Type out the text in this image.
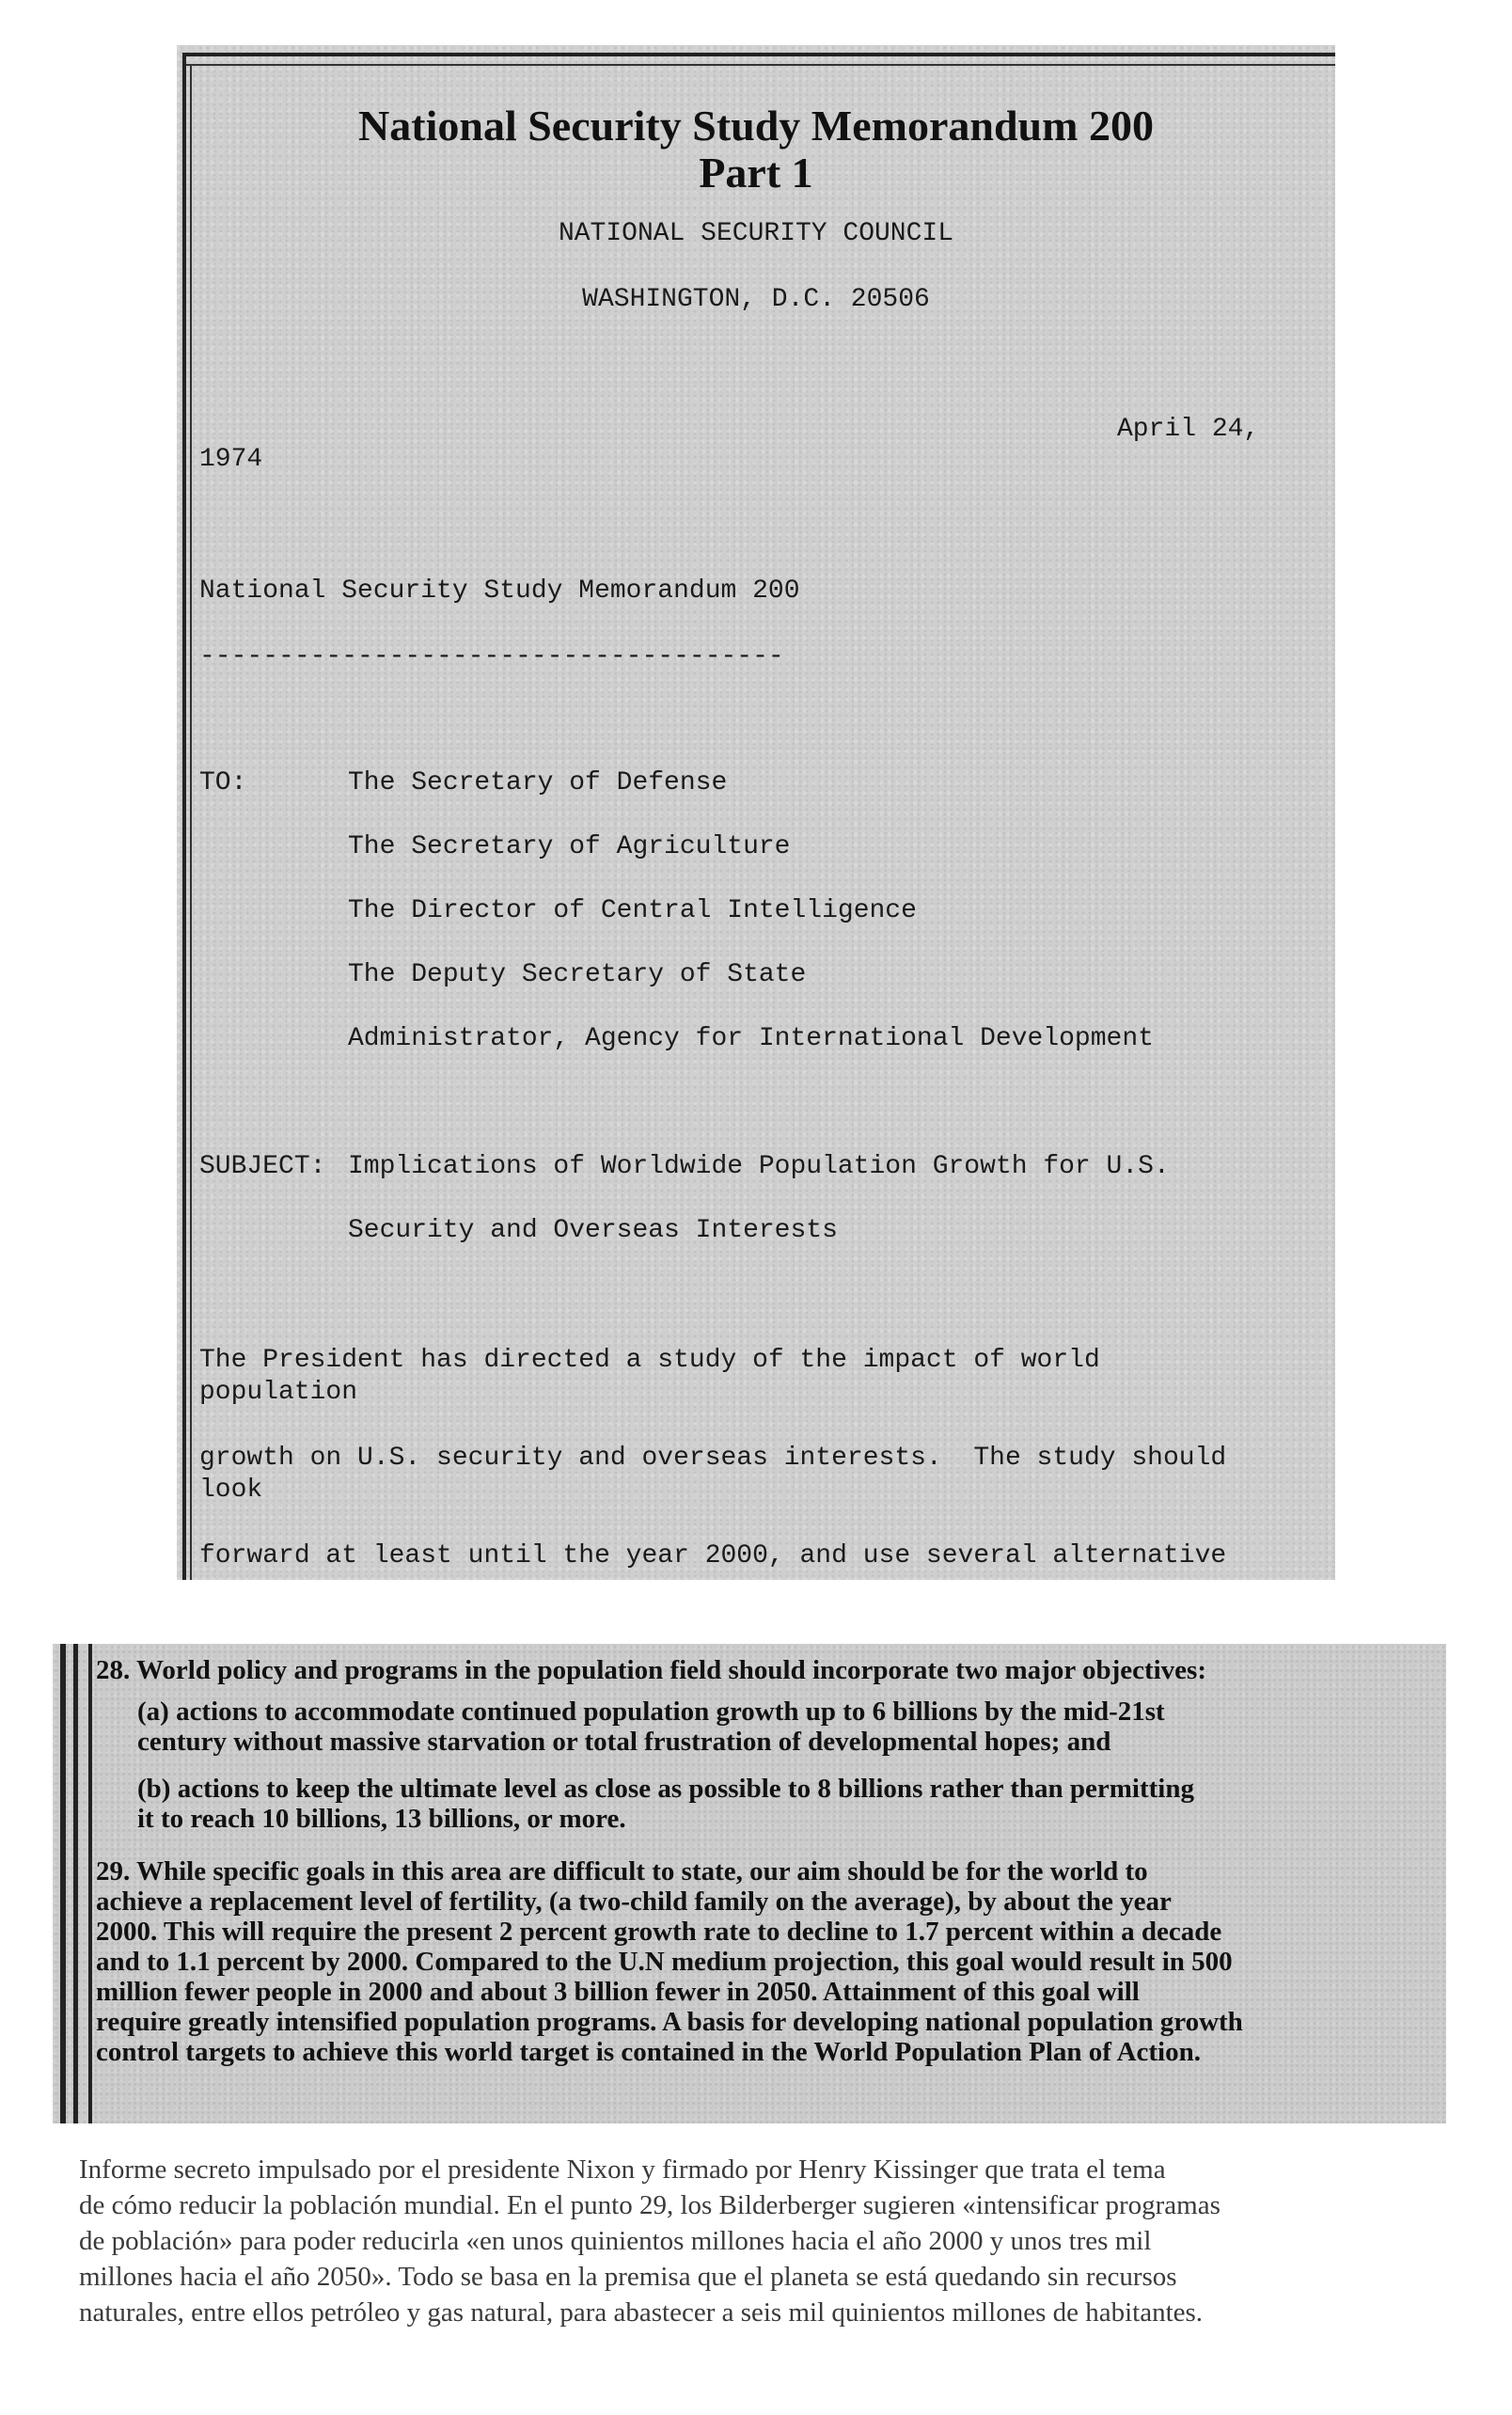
National Security Study Memorandum 200
Part 1
NATIONAL SECURITY COUNCIL
WASHINGTON, D.C. 20506
April 24,
1974
National Security Study Memorandum 200
-------------------------------------
TO:	The Secretary of Defense
The Secretary of Agriculture
The Director of Central Intelligence
The Deputy Secretary of State
Administrator, Agency for International Development
SUBJECT: Implications of Worldwide Population Growth for U.S.
Security and Overseas Interests
The President has directed a study of the impact of world
population
growth on U.S. security and overseas interests.  The study should
look
forward at least until the year 2000, and use several alternative
28. World policy and programs in the population field should incorporate two major objectives:
(a) actions to accommodate continued population growth up to 6 billions by the mid-21st
century without massive starvation or total frustration of developmental hopes; and
(b) actions to keep the ultimate level as close as possible to 8 billions rather than permitting
it to reach 10 billions, 13 billions, or more.
29. While specific goals in this area are difficult to state, our aim should be for the world to
achieve a replacement level of fertility, (a two-child family on the average), by about the year
2000. This will require the present 2 percent growth rate to decline to 1.7 percent within a decade
and to 1.1 percent by 2000. Compared to the U.N medium projection, this goal would result in 500
million fewer people in 2000 and about 3 billion fewer in 2050. Attainment of this goal will
require greatly intensified population programs. A basis for developing national population growth
control targets to achieve this world target is contained in the World Population Plan of Action.
Informe secreto impulsado por el presidente Nixon y firmado por Henry Kissinger que trata el tema
de cómo reducir la población mundial. En el punto 29, los Bilderberger sugieren «intensificar programas
de población» para poder reducirla «en unos quinientos millones hacia el año 2000 y unos tres mil
millones hacia el año 2050». Todo se basa en la premisa que el planeta se está quedando sin recursos
naturales, entre ellos petróleo y gas natural, para abastecer a seis mil quinientos millones de habitantes.
